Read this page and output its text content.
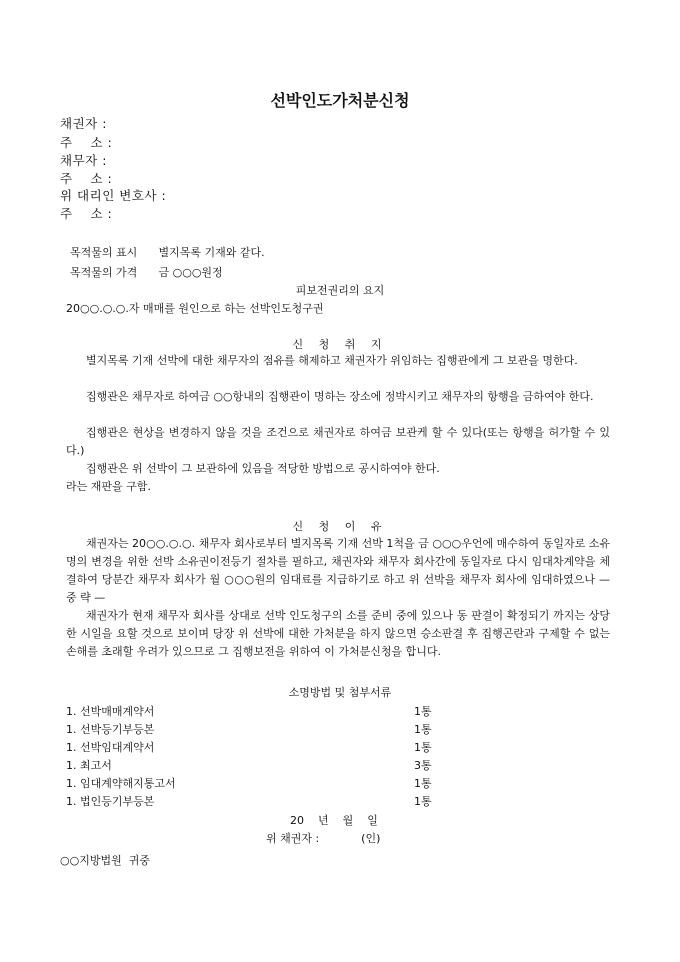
선박인도가처분신청
채권자 :
주    소 :
채무자 :
주    소 :
위 대리인 변호사 :
주    소 :
목적물의 표시 별지목록 기재와 같다.
목적물의 가격 금 ○○○원정
피보전권리의 요지
20○○.○.○.자 매매를 원인으로 하는 선박인도청구권
신 청 취 지
별지목록 기재 선박에 대한 채무자의 점유를 해제하고 채권자가 위임하는 집행관에게 그 보관을 명한다.
집행관은 채무자로 하여금 ○○항내의 집행관이 명하는 장소에 정박시키고 채무자의 항행을 금하여야 한다.
집행관은 현상을 변경하지 않을 것을 조건으로 채권자로 하여금 보관케 할 수 있다(또는 항행을 허가할 수 있다.)
집행관은 위 선박이 그 보관하에 있음을 적당한 방법으로 공시하여야 한다.
라는 재판을 구함.
신 청 이 유
채권자는 20○○.○.○. 채무자 회사로부터 별지목록 기재 선박 1척을 금 ○○○우언에 매수하여 동일자로 소유명의 변경을 위한 선박 소유권이전등기 절차를 필하고, 채권자와 채무자 회사간에 동일자로 다시 임대차계약을 체결하여 당분간 채무자 회사가 월 ○○○원의 임대료를 지급하기로 하고 위 선박을 채무자 회사에 임대하였으나 — 중 략 —
채권자가 현재 채무자 회사를 상대로 선박 인도청구의 소를 준비 중에 있으나 동 판결이 확정되기 까지는 상당한 시일을 요할 것으로 보이며 당장 위 선박에 대한 가처분을 하지 않으면 승소판결 후 집행곤란과 구제할 수 없는 손해를 초래할 우려가 있으므로 그 집행보전을 위하여 이 가처분신청을 합니다.
소명방법 및 첨부서류
1. 선박매매계약서	1통
1. 선박등기부등본	1통
1. 선박임대계약서	1통
1. 최고서	3통
1. 임대계약해지통고서	1통
1. 법인등기부등본	1통
20    년    월    일
위 채권자 :            (인)
○○지방법원  귀중
